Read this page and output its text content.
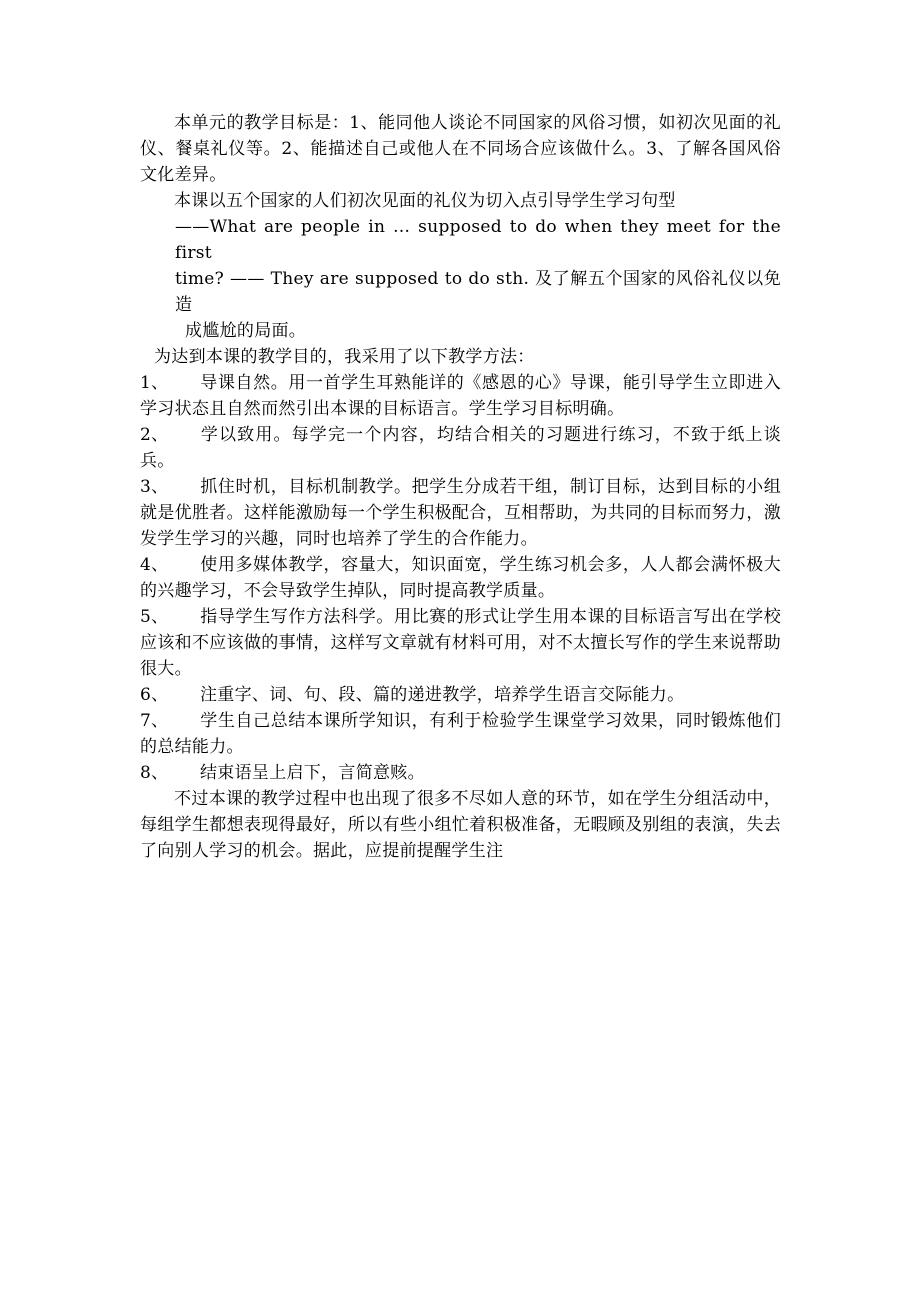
本单元的教学目标是：1、能同他人谈论不同国家的风俗习惯，如初次见面的礼仪、餐桌礼仪等。2、能描述自己或他人在不同场合应该做什么。3、了解各国风俗文化差异。

本课以五个国家的人们初次见面的礼仪为切入点引导学生学习句型

——What are people in … supposed to do when they meet for the first
time? —— They are supposed to do sth. 及了解五个国家的风俗礼仪以免造
成尴尬的局面。

为达到本课的教学目的，我采用了以下教学方法：

1、 导课自然。用一首学生耳熟能详的《感恩的心》导课，能引导学生立即进入学习状态且自然而然引出本课的目标语言。学生学习目标明确。

2、 学以致用。每学完一个内容，均结合相关的习题进行练习，不致于纸上谈兵。

3、 抓住时机，目标机制教学。把学生分成若干组，制订目标，达到目标的小组就是优胜者。这样能激励每一个学生积极配合，互相帮助，为共同的目标而努力，激发学生学习的兴趣，同时也培养了学生的合作能力。

4、 使用多媒体教学，容量大，知识面宽，学生练习机会多，人人都会满怀极大的兴趣学习，不会导致学生掉队，同时提高教学质量。

5、 指导学生写作方法科学。用比赛的形式让学生用本课的目标语言写出在学校应该和不应该做的事情，这样写文章就有材料可用，对不太擅长写作的学生来说帮助很大。

6、 注重字、词、句、段、篇的递进教学，培养学生语言交际能力。

7、 学生自己总结本课所学知识，有利于检验学生课堂学习效果，同时锻炼他们的总结能力。

8、 结束语呈上启下，言简意赅。

不过本课的教学过程中也出现了很多不尽如人意的环节，如在学生分组活动中，每组学生都想表现得最好，所以有些小组忙着积极准备，无暇顾及别组的表演，失去了向别人学习的机会。据此，应提前提醒学生注
